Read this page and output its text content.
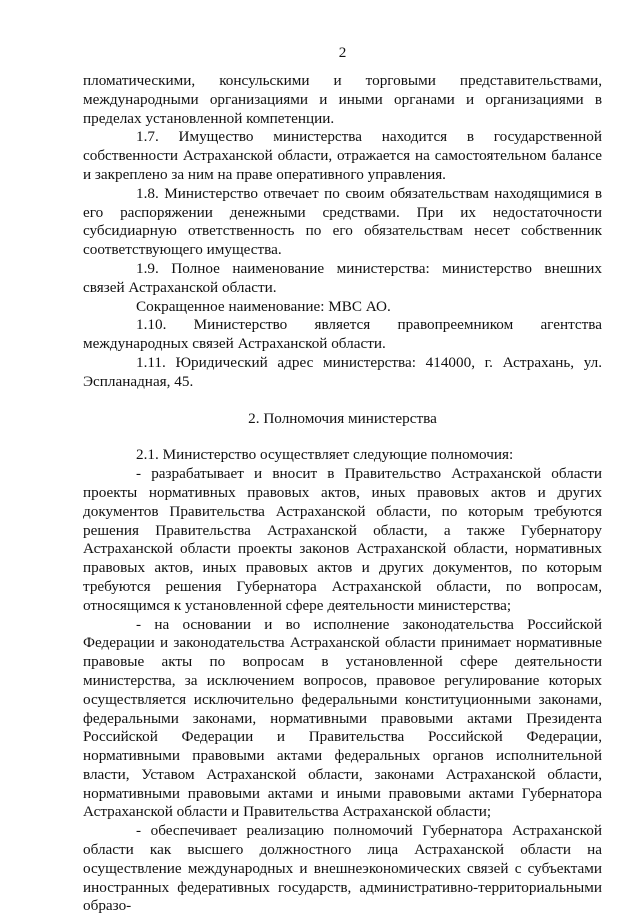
2

пломатическими, консульскими и торговыми представительствами, международными организациями и иными органами и организациями в пределах установленной компетенции.

1.7. Имущество министерства находится в государственной собственности Астраханской области, отражается на самостоятельном балансе и закреплено за ним на праве оперативного управления.

1.8. Министерство отвечает по своим обязательствам находящимися в его распоряжении денежными средствами. При их недостаточности субсидиарную ответственность по его обязательствам несет собственник соответствующего имущества.

1.9. Полное наименование министерства: министерство внешних связей Астраханской области.

Сокращенное наименование: МВС АО.

1.10. Министерство является правопреемником агентства международных связей Астраханской области.

1.11. Юридический адрес министерства: 414000, г. Астрахань, ул. Эспланадная, 45.

2. Полномочия министерства

2.1. Министерство осуществляет следующие полномочия:

- разрабатывает и вносит в Правительство Астраханской области проекты нормативных правовых актов, иных правовых актов и других документов Правительства Астраханской области, по которым требуются решения Правительства Астраханской области, а также Губернатору Астраханской области проекты законов Астраханской области, нормативных правовых актов, иных правовых актов и других документов, по которым требуются решения Губернатора Астраханской области, по вопросам, относящимся к установленной сфере деятельности министерства;

- на основании и во исполнение законодательства Российской Федерации и законодательства Астраханской области принимает нормативные правовые акты по вопросам в установленной сфере деятельности министерства, за исключением вопросов, правовое регулирование которых осуществляется исключительно федеральными конституционными законами, федеральными законами, нормативными правовыми актами Президента Российской Федерации и Правительства Российской Федерации, нормативными правовыми актами федеральных органов исполнительной власти, Уставом Астраханской области, законами Астраханской области, нормативными правовыми актами и иными правовыми актами Губернатора Астраханской области и Правительства Астраханской области;

- обеспечивает реализацию полномочий Губернатора Астраханской области как высшего должностного лица Астраханской области на осуществление международных и внешнеэкономических связей с субъектами иностранных федеративных государств, административно-территориальными образо-
